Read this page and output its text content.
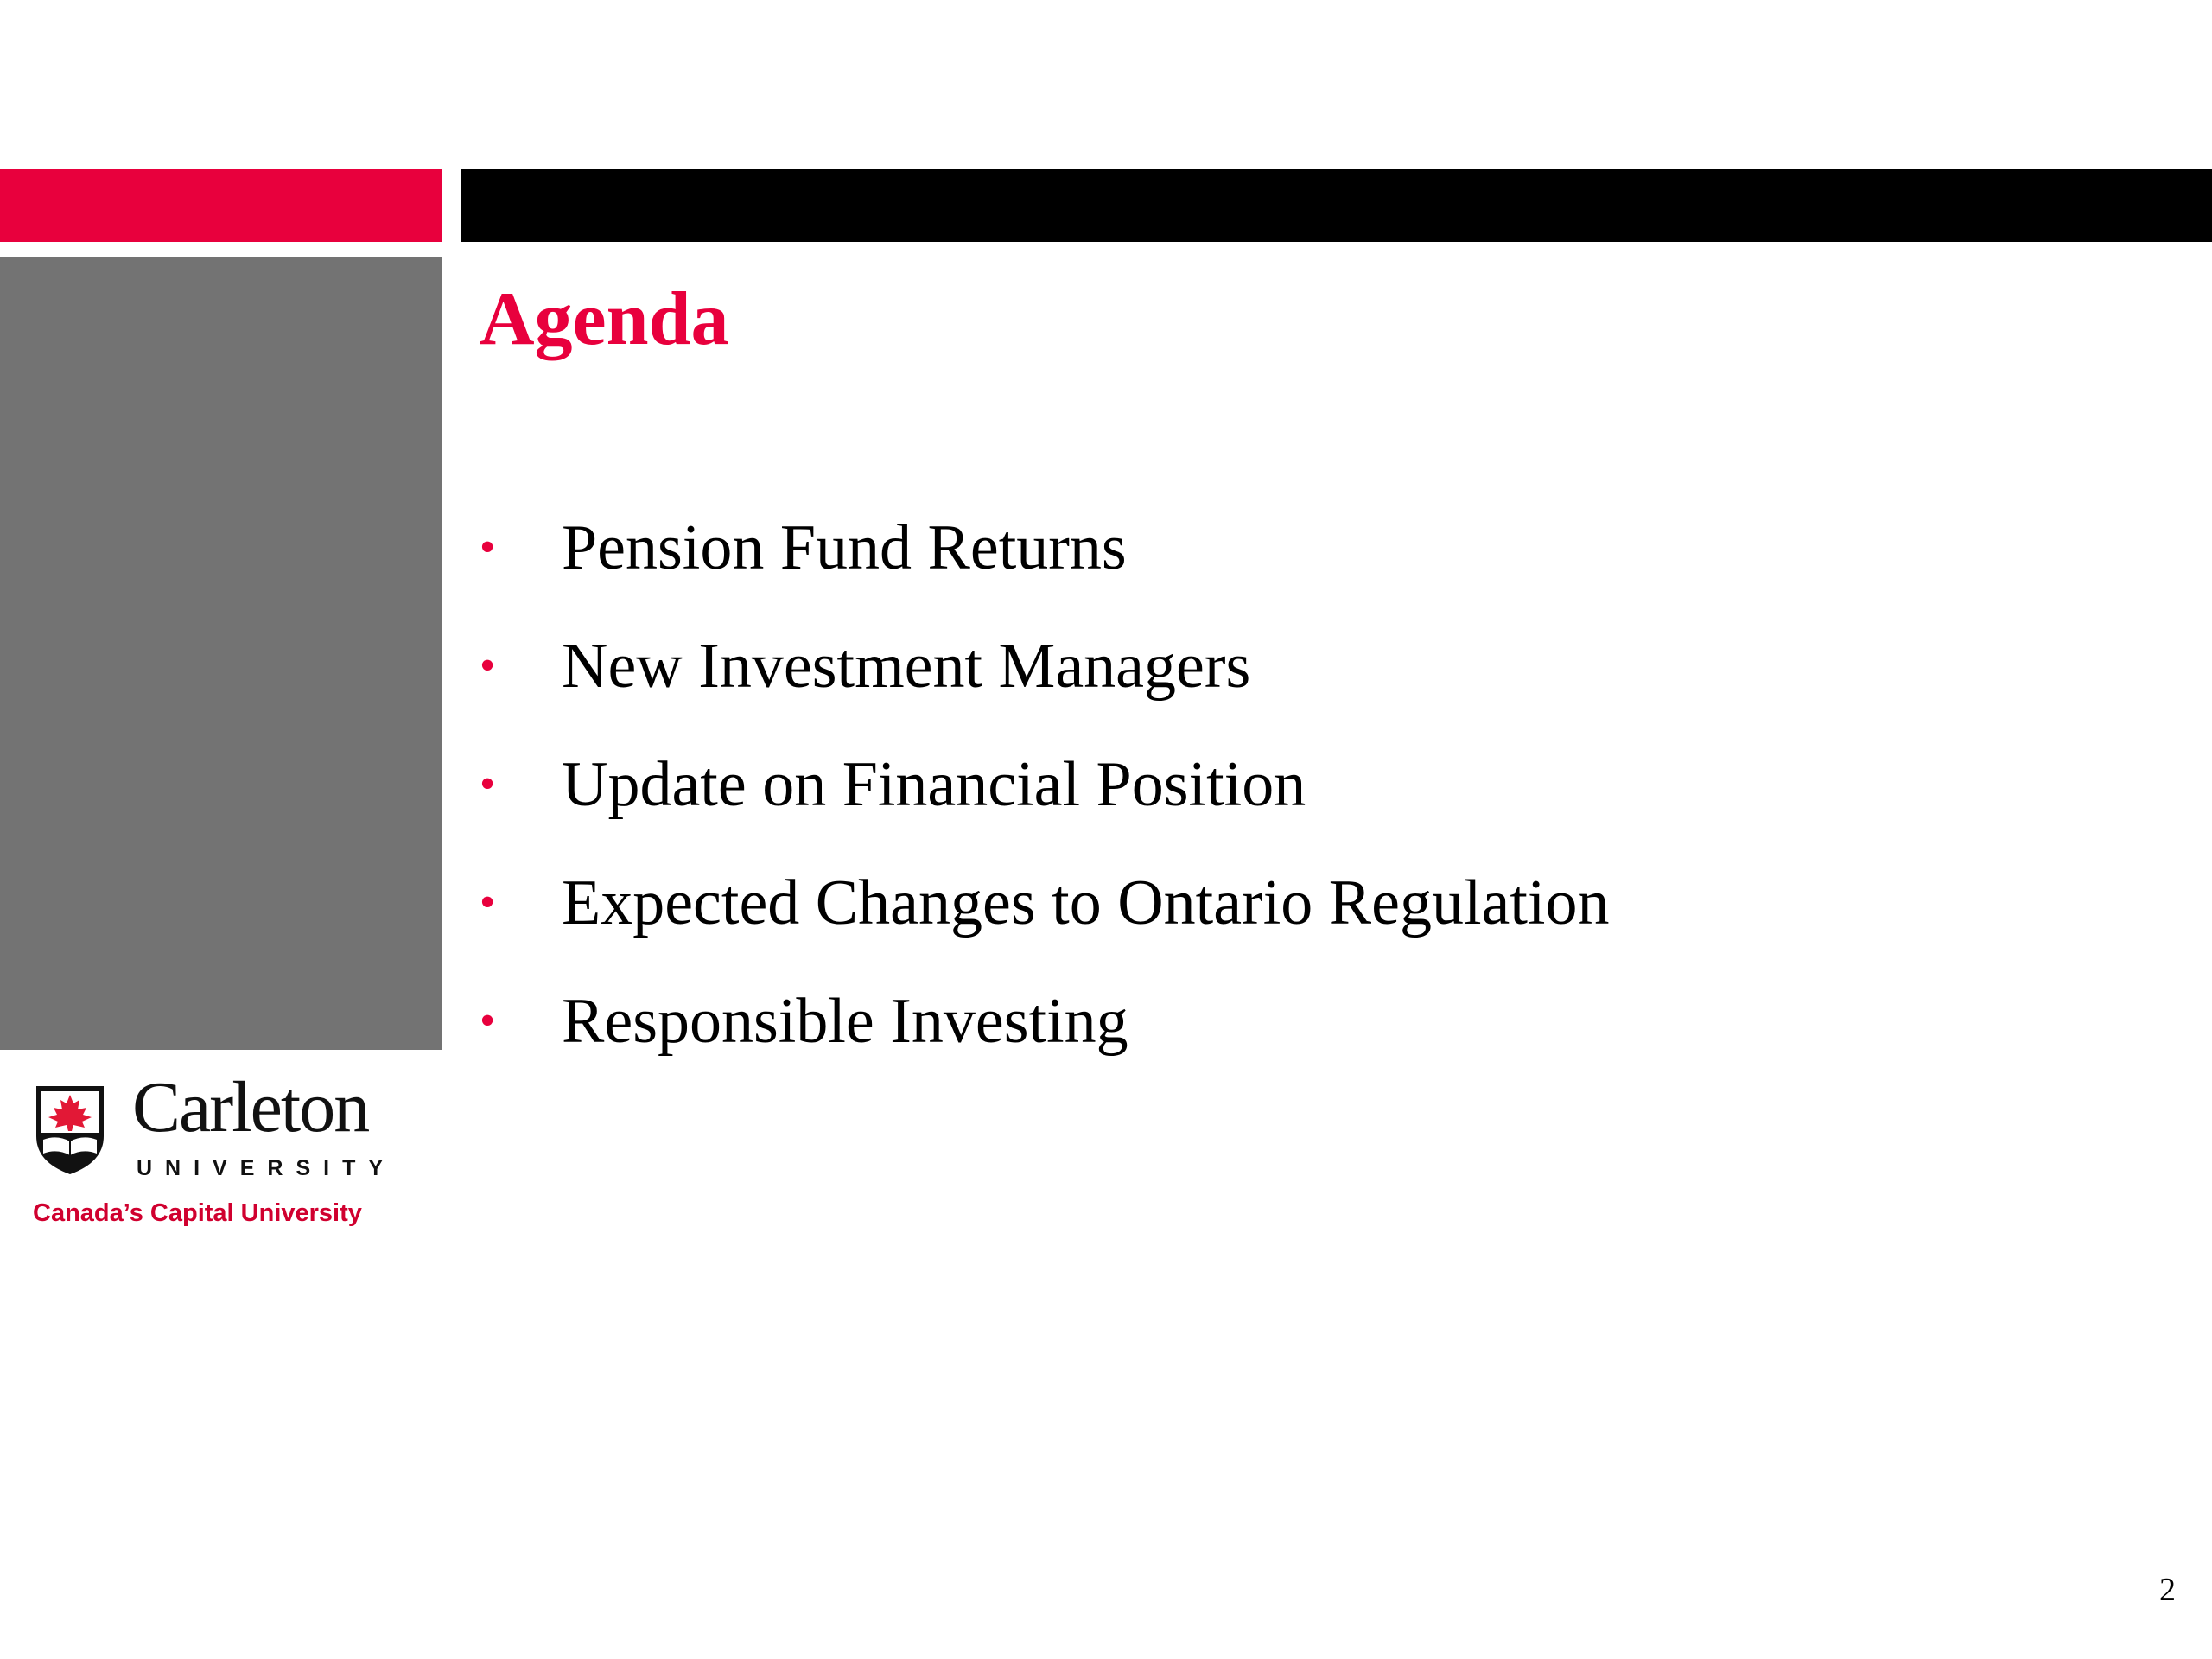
Agenda
•	Pension Fund Returns
•	New Investment Managers
•	Update on Financial Position
•	Expected Changes to Ontario Regulation
•	Responsible Investing
Carleton
UNIVERSITY
Canada’s Capital University
2
